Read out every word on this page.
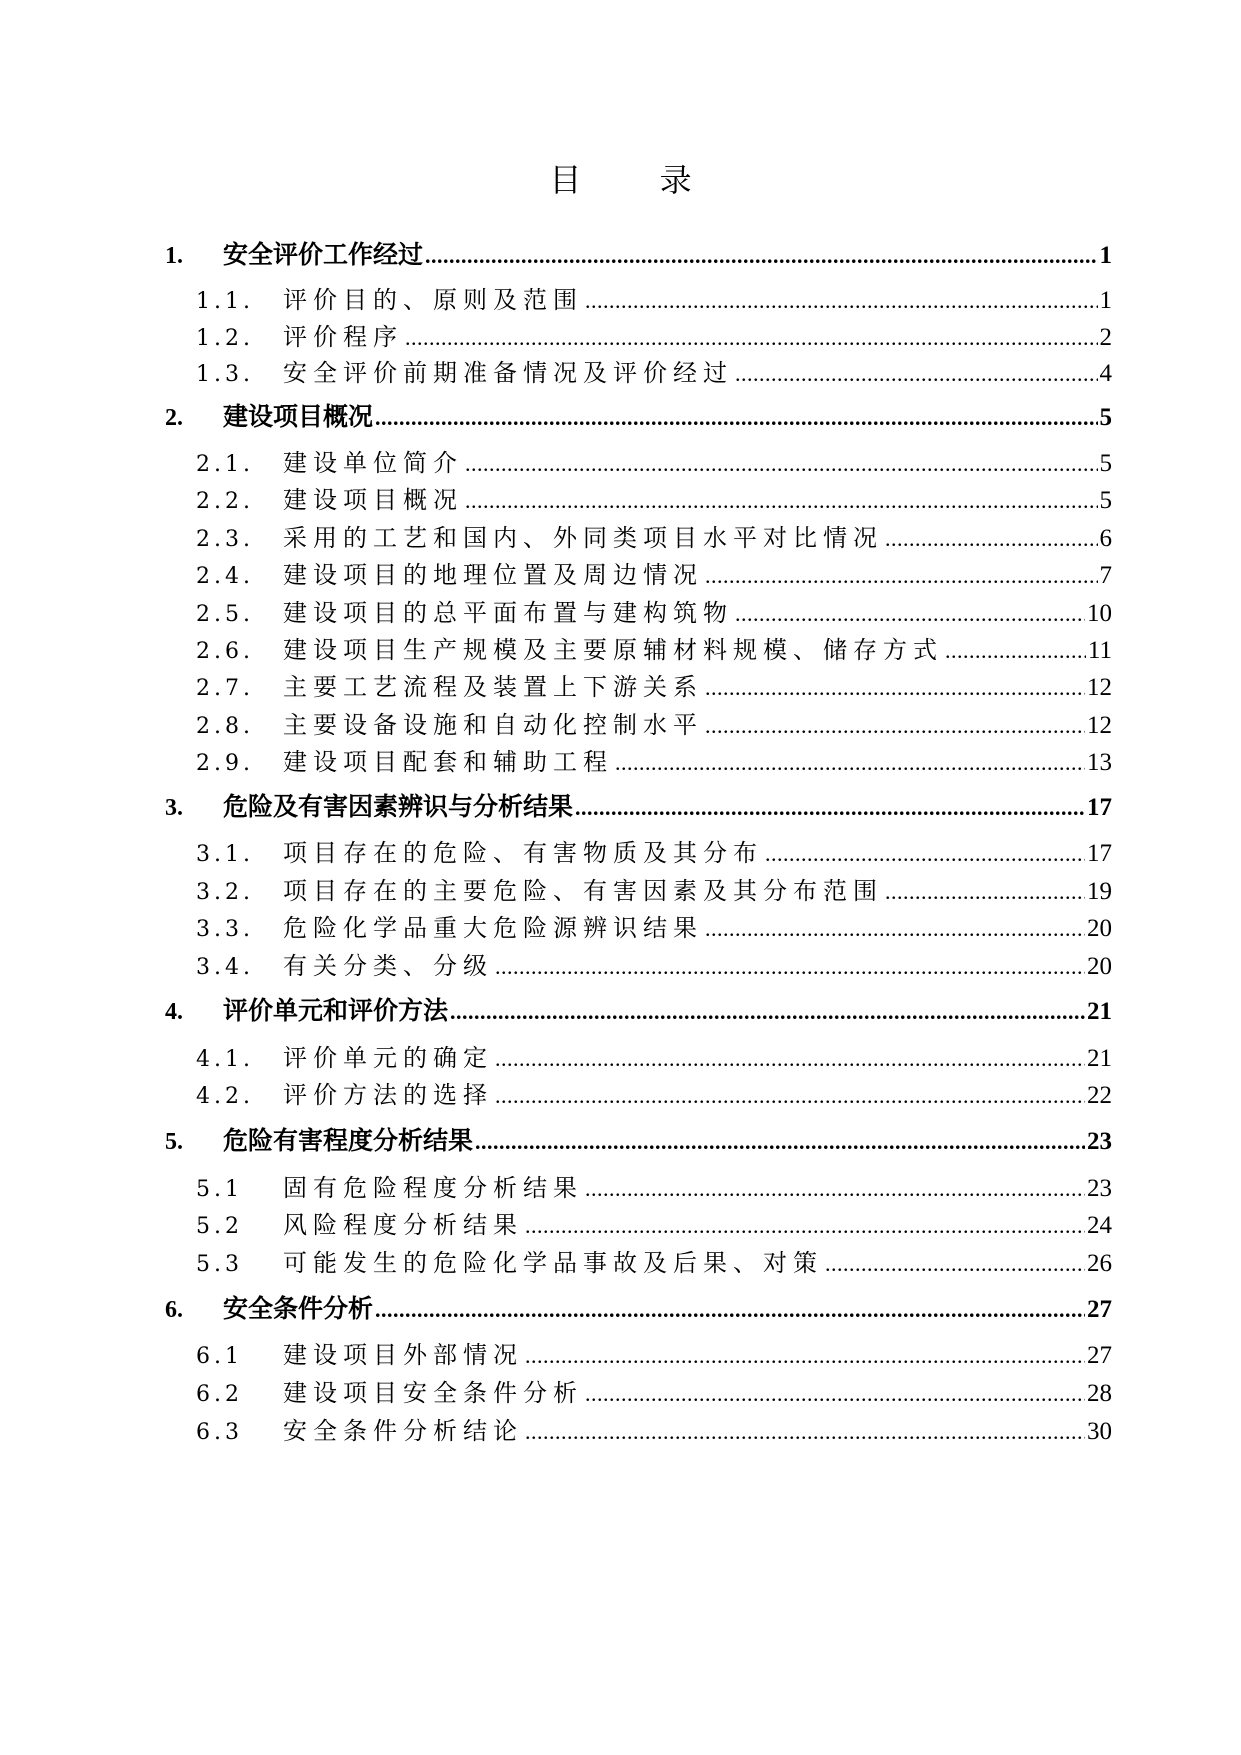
目 录
1.	安全评价工作经过 .....	1
1.1.	评价目的、原则及范围 .....	1
1.2.	评价程序 .....	2
1.3.	安全评价前期准备情况及评价经过 .....	4
2.	建设项目概况 .....	5
2.1.	建设单位简介 .....	5
2.2.	建设项目概况 .....	5
2.3.	采用的工艺和国内、外同类项目水平对比情况 .....	6
2.4.	建设项目的地理位置及周边情况 .....	7
2.5.	建设项目的总平面布置与建构筑物 .....	10
2.6.	建设项目生产规模及主要原辅材料规模、储存方式 .....	11
2.7.	主要工艺流程及装置上下游关系 .....	12
2.8.	主要设备设施和自动化控制水平 .....	12
2.9.	建设项目配套和辅助工程 .....	13
3.	危险及有害因素辨识与分析结果 .....	17
3.1.	项目存在的危险、有害物质及其分布 .....	17
3.2.	项目存在的主要危险、有害因素及其分布范围 .....	19
3.3.	危险化学品重大危险源辨识结果 .....	20
3.4.	有关分类、分级 .....	20
4.	评价单元和评价方法 .....	21
4.1.	评价单元的确定 .....	21
4.2.	评价方法的选择 .....	22
5.	危险有害程度分析结果 .....	23
5.1	固有危险程度分析结果 .....	23
5.2	风险程度分析结果 .....	24
5.3	可能发生的危险化学品事故及后果、对策 .....	26
6.	安全条件分析 .....	27
6.1	建设项目外部情况 .....	27
6.2	建设项目安全条件分析 .....	28
6.3	安全条件分析结论 .....	30
